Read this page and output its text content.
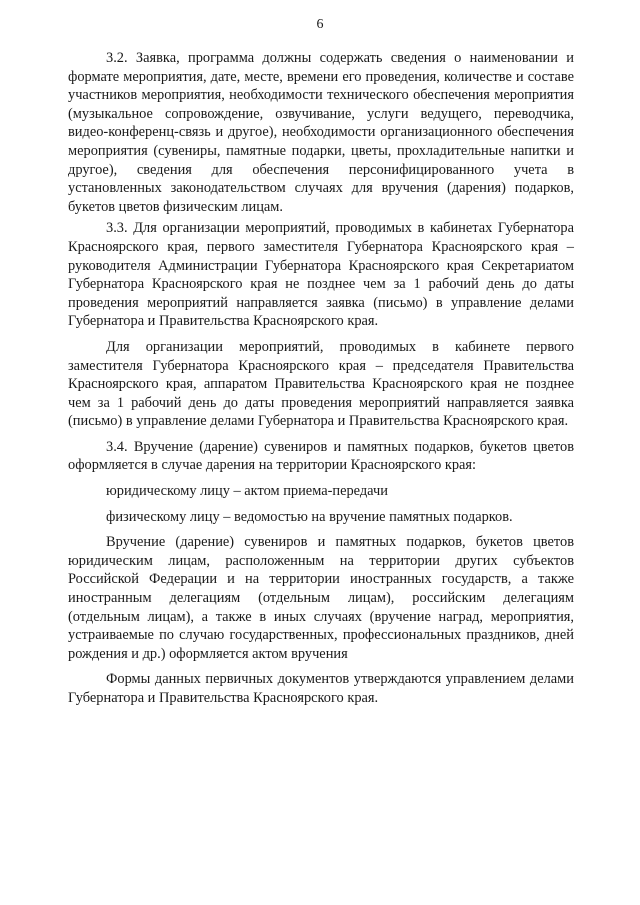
6

3.2. Заявка, программа должны содержать сведения о наименовании и формате мероприятия, дате, месте, времени его проведения, количестве и составе участников мероприятия, необходимости технического обеспечения мероприятия (музыкальное сопровождение, озвучивание, услуги ведущего, переводчика, видео-конференц-связь и другое), необходимости организационного обеспечения мероприятия (сувениры, памятные подарки, цветы, прохладительные напитки и другое), сведения для обеспечения персонифицированного учета в установленных законодательством случаях для вручения (дарения) подарков, букетов цветов физическим лицам.

3.3. Для организации мероприятий, проводимых в кабинетах Губернатора Красноярского края, первого заместителя Губернатора Красноярского края – руководителя Администрации Губернатора Красноярского края Секретариатом Губернатора Красноярского края не позднее чем за 1 рабочий день до даты проведения мероприятий направляется заявка (письмо) в управление делами Губернатора и Правительства Красноярского края.

Для организации мероприятий, проводимых в кабинете первого заместителя Губернатора Красноярского края – председателя Правительства Красноярского края, аппаратом Правительства Красноярского края не позднее чем за 1 рабочий день до даты проведения мероприятий направляется заявка (письмо) в управление делами Губернатора и Правительства Красноярского края.

3.4. Вручение (дарение) сувениров и памятных подарков, букетов цветов оформляется в случае дарения на территории Красноярского края:

юридическому лицу – актом приема-передачи

физическому лицу – ведомостью на вручение памятных подарков.

Вручение (дарение) сувениров и памятных подарков, букетов цветов юридическим лицам, расположенным на территории других субъектов Российской Федерации и на территории иностранных государств, а также иностранным делегациям (отдельным лицам), российским делегациям (отдельным лицам), а также в иных случаях (вручение наград, мероприятия, устраиваемые по случаю государственных, профессиональных праздников, дней рождения и др.) оформляется актом вручения

Формы данных первичных документов утверждаются управлением делами Губернатора и Правительства Красноярского края.
